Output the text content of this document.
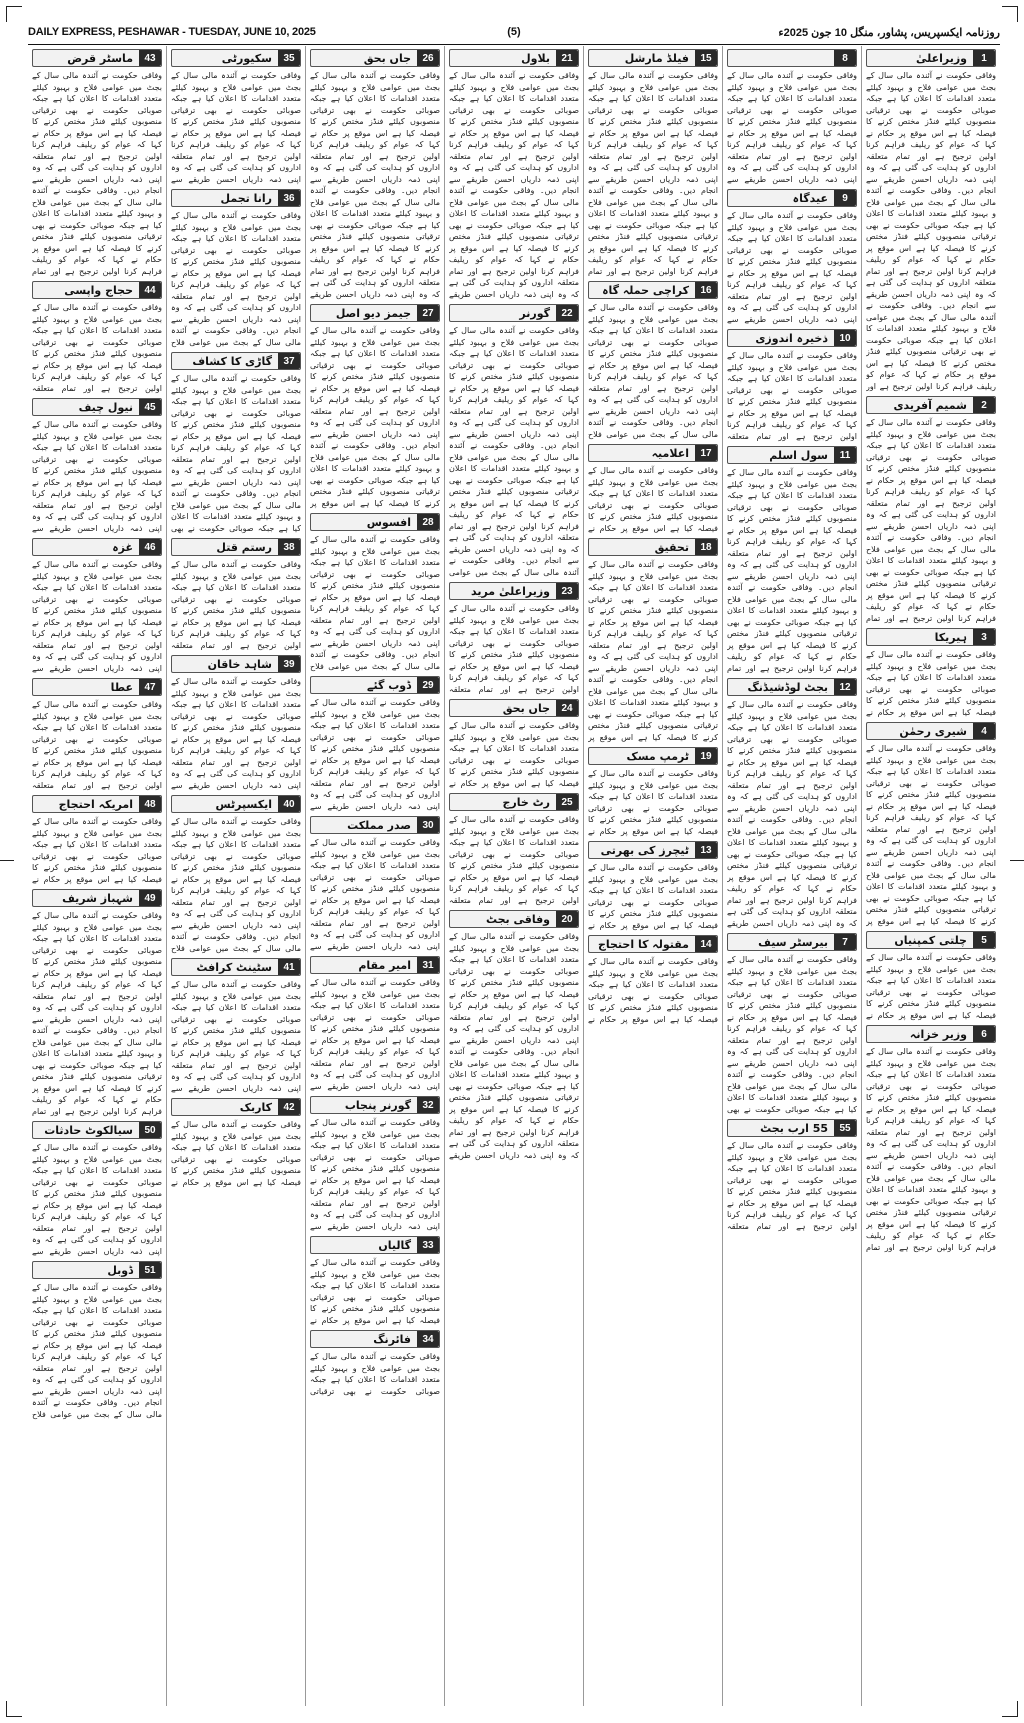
DAILY EXPRESS, PESHAWAR - TUESDAY, JUNE 10, 2025	(5)	روزنامہ ایکسپریس، پشاور، منگل 10 جون 2025ء
1
وزیراعلیٰ
وفاقی حکومت نے آئندہ مالی سال کے بجٹ میں عوامی فلاح و بہبود کیلئے متعدد اقدامات کا اعلان کیا ہے جبکہ صوبائی حکومت نے بھی ترقیاتی منصوبوں کیلئے فنڈز مختص کرنے کا فیصلہ کیا ہے اس موقع پر حکام نے کہا کہ عوام کو ریلیف فراہم کرنا اولین ترجیح ہے اور تمام متعلقہ اداروں کو ہدایت کی گئی ہے کہ وہ اپنی ذمہ داریاں احسن طریقے سے انجام دیں۔ وفاقی حکومت نے آئندہ مالی سال کے بجٹ میں عوامی فلاح و بہبود کیلئے متعدد اقدامات کا اعلان کیا ہے جبکہ صوبائی حکومت نے بھی ترقیاتی منصوبوں کیلئے فنڈز مختص کرنے کا فیصلہ کیا ہے اس موقع پر حکام نے کہا کہ عوام کو ریلیف فراہم کرنا اولین ترجیح ہے اور تمام متعلقہ اداروں کو ہدایت کی گئی ہے کہ وہ اپنی ذمہ داریاں احسن طریقے سے انجام دیں۔ وفاقی حکومت نے آئندہ مالی سال کے بجٹ میں عوامی فلاح و بہبود کیلئے متعدد اقدامات کا اعلان کیا ہے جبکہ صوبائی حکومت نے بھی ترقیاتی منصوبوں کیلئے فنڈز مختص کرنے کا فیصلہ کیا ہے اس موقع پر حکام نے کہا کہ عوام کو ریلیف فراہم کرنا اولین ترجیح ہے اور
2
شمیم آفریدی
وفاقی حکومت نے آئندہ مالی سال کے بجٹ میں عوامی فلاح و بہبود کیلئے متعدد اقدامات کا اعلان کیا ہے جبکہ صوبائی حکومت نے بھی ترقیاتی منصوبوں کیلئے فنڈز مختص کرنے کا فیصلہ کیا ہے اس موقع پر حکام نے کہا کہ عوام کو ریلیف فراہم کرنا اولین ترجیح ہے اور تمام متعلقہ اداروں کو ہدایت کی گئی ہے کہ وہ اپنی ذمہ داریاں احسن طریقے سے انجام دیں۔ وفاقی حکومت نے آئندہ مالی سال کے بجٹ میں عوامی فلاح و بہبود کیلئے متعدد اقدامات کا اعلان کیا ہے جبکہ صوبائی حکومت نے بھی ترقیاتی منصوبوں کیلئے فنڈز مختص کرنے کا فیصلہ کیا ہے اس موقع پر حکام نے کہا کہ عوام کو ریلیف فراہم کرنا اولین ترجیح ہے اور تمام
3
ہیریکا
وفاقی حکومت نے آئندہ مالی سال کے بجٹ میں عوامی فلاح و بہبود کیلئے متعدد اقدامات کا اعلان کیا ہے جبکہ صوبائی حکومت نے بھی ترقیاتی منصوبوں کیلئے فنڈز مختص کرنے کا فیصلہ کیا ہے اس موقع پر حکام نے
4
شیری رحمٰن
وفاقی حکومت نے آئندہ مالی سال کے بجٹ میں عوامی فلاح و بہبود کیلئے متعدد اقدامات کا اعلان کیا ہے جبکہ صوبائی حکومت نے بھی ترقیاتی منصوبوں کیلئے فنڈز مختص کرنے کا فیصلہ کیا ہے اس موقع پر حکام نے کہا کہ عوام کو ریلیف فراہم کرنا اولین ترجیح ہے اور تمام متعلقہ اداروں کو ہدایت کی گئی ہے کہ وہ اپنی ذمہ داریاں احسن طریقے سے انجام دیں۔ وفاقی حکومت نے آئندہ مالی سال کے بجٹ میں عوامی فلاح و بہبود کیلئے متعدد اقدامات کا اعلان کیا ہے جبکہ صوبائی حکومت نے بھی ترقیاتی منصوبوں کیلئے فنڈز مختص کرنے کا فیصلہ کیا ہے اس موقع پر
5
چلتی کمپنیاں
وفاقی حکومت نے آئندہ مالی سال کے بجٹ میں عوامی فلاح و بہبود کیلئے متعدد اقدامات کا اعلان کیا ہے جبکہ صوبائی حکومت نے بھی ترقیاتی منصوبوں کیلئے فنڈز مختص کرنے کا فیصلہ کیا ہے اس موقع پر حکام نے
6
وزیر خزانہ
وفاقی حکومت نے آئندہ مالی سال کے بجٹ میں عوامی فلاح و بہبود کیلئے متعدد اقدامات کا اعلان کیا ہے جبکہ صوبائی حکومت نے بھی ترقیاتی منصوبوں کیلئے فنڈز مختص کرنے کا فیصلہ کیا ہے اس موقع پر حکام نے کہا کہ عوام کو ریلیف فراہم کرنا اولین ترجیح ہے اور تمام متعلقہ اداروں کو ہدایت کی گئی ہے کہ وہ اپنی ذمہ داریاں احسن طریقے سے انجام دیں۔ وفاقی حکومت نے آئندہ مالی سال کے بجٹ میں عوامی فلاح و بہبود کیلئے متعدد اقدامات کا اعلان کیا ہے جبکہ صوبائی حکومت نے بھی ترقیاتی منصوبوں کیلئے فنڈز مختص کرنے کا فیصلہ کیا ہے اس موقع پر حکام نے کہا کہ عوام کو ریلیف فراہم کرنا اولین ترجیح ہے اور تمام
8
وفاقی حکومت نے آئندہ مالی سال کے بجٹ میں عوامی فلاح و بہبود کیلئے متعدد اقدامات کا اعلان کیا ہے جبکہ صوبائی حکومت نے بھی ترقیاتی منصوبوں کیلئے فنڈز مختص کرنے کا فیصلہ کیا ہے اس موقع پر حکام نے کہا کہ عوام کو ریلیف فراہم کرنا اولین ترجیح ہے اور تمام متعلقہ اداروں کو ہدایت کی گئی ہے کہ وہ اپنی ذمہ داریاں احسن طریقے سے
9
عیدگاہ
وفاقی حکومت نے آئندہ مالی سال کے بجٹ میں عوامی فلاح و بہبود کیلئے متعدد اقدامات کا اعلان کیا ہے جبکہ صوبائی حکومت نے بھی ترقیاتی منصوبوں کیلئے فنڈز مختص کرنے کا فیصلہ کیا ہے اس موقع پر حکام نے کہا کہ عوام کو ریلیف فراہم کرنا اولین ترجیح ہے اور تمام متعلقہ اداروں کو ہدایت کی گئی ہے کہ وہ اپنی ذمہ داریاں احسن طریقے سے
10
ذخیرہ اندوزی
وفاقی حکومت نے آئندہ مالی سال کے بجٹ میں عوامی فلاح و بہبود کیلئے متعدد اقدامات کا اعلان کیا ہے جبکہ صوبائی حکومت نے بھی ترقیاتی منصوبوں کیلئے فنڈز مختص کرنے کا فیصلہ کیا ہے اس موقع پر حکام نے کہا کہ عوام کو ریلیف فراہم کرنا اولین ترجیح ہے اور تمام متعلقہ
11
سول اسلم
وفاقی حکومت نے آئندہ مالی سال کے بجٹ میں عوامی فلاح و بہبود کیلئے متعدد اقدامات کا اعلان کیا ہے جبکہ صوبائی حکومت نے بھی ترقیاتی منصوبوں کیلئے فنڈز مختص کرنے کا فیصلہ کیا ہے اس موقع پر حکام نے کہا کہ عوام کو ریلیف فراہم کرنا اولین ترجیح ہے اور تمام متعلقہ اداروں کو ہدایت کی گئی ہے کہ وہ اپنی ذمہ داریاں احسن طریقے سے انجام دیں۔ وفاقی حکومت نے آئندہ مالی سال کے بجٹ میں عوامی فلاح و بہبود کیلئے متعدد اقدامات کا اعلان کیا ہے جبکہ صوبائی حکومت نے بھی ترقیاتی منصوبوں کیلئے فنڈز مختص کرنے کا فیصلہ کیا ہے اس موقع پر حکام نے کہا کہ عوام کو ریلیف فراہم کرنا اولین ترجیح ہے اور تمام
12
بجٹ لوڈشیڈنگ
وفاقی حکومت نے آئندہ مالی سال کے بجٹ میں عوامی فلاح و بہبود کیلئے متعدد اقدامات کا اعلان کیا ہے جبکہ صوبائی حکومت نے بھی ترقیاتی منصوبوں کیلئے فنڈز مختص کرنے کا فیصلہ کیا ہے اس موقع پر حکام نے کہا کہ عوام کو ریلیف فراہم کرنا اولین ترجیح ہے اور تمام متعلقہ اداروں کو ہدایت کی گئی ہے کہ وہ اپنی ذمہ داریاں احسن طریقے سے انجام دیں۔ وفاقی حکومت نے آئندہ مالی سال کے بجٹ میں عوامی فلاح و بہبود کیلئے متعدد اقدامات کا اعلان کیا ہے جبکہ صوبائی حکومت نے بھی ترقیاتی منصوبوں کیلئے فنڈز مختص کرنے کا فیصلہ کیا ہے اس موقع پر حکام نے کہا کہ عوام کو ریلیف فراہم کرنا اولین ترجیح ہے اور تمام متعلقہ اداروں کو ہدایت کی گئی ہے کہ وہ اپنی ذمہ داریاں احسن طریقے
7
بیرسٹر سیف
وفاقی حکومت نے آئندہ مالی سال کے بجٹ میں عوامی فلاح و بہبود کیلئے متعدد اقدامات کا اعلان کیا ہے جبکہ صوبائی حکومت نے بھی ترقیاتی منصوبوں کیلئے فنڈز مختص کرنے کا فیصلہ کیا ہے اس موقع پر حکام نے کہا کہ عوام کو ریلیف فراہم کرنا اولین ترجیح ہے اور تمام متعلقہ اداروں کو ہدایت کی گئی ہے کہ وہ اپنی ذمہ داریاں احسن طریقے سے انجام دیں۔ وفاقی حکومت نے آئندہ مالی سال کے بجٹ میں عوامی فلاح و بہبود کیلئے متعدد اقدامات کا اعلان کیا ہے جبکہ صوبائی حکومت نے بھی
55
55 ارب بجٹ
وفاقی حکومت نے آئندہ مالی سال کے بجٹ میں عوامی فلاح و بہبود کیلئے متعدد اقدامات کا اعلان کیا ہے جبکہ صوبائی حکومت نے بھی ترقیاتی منصوبوں کیلئے فنڈز مختص کرنے کا فیصلہ کیا ہے اس موقع پر حکام نے کہا کہ عوام کو ریلیف فراہم کرنا اولین ترجیح ہے اور تمام متعلقہ
15
فیلڈ مارشل
وفاقی حکومت نے آئندہ مالی سال کے بجٹ میں عوامی فلاح و بہبود کیلئے متعدد اقدامات کا اعلان کیا ہے جبکہ صوبائی حکومت نے بھی ترقیاتی منصوبوں کیلئے فنڈز مختص کرنے کا فیصلہ کیا ہے اس موقع پر حکام نے کہا کہ عوام کو ریلیف فراہم کرنا اولین ترجیح ہے اور تمام متعلقہ اداروں کو ہدایت کی گئی ہے کہ وہ اپنی ذمہ داریاں احسن طریقے سے انجام دیں۔ وفاقی حکومت نے آئندہ مالی سال کے بجٹ میں عوامی فلاح و بہبود کیلئے متعدد اقدامات کا اعلان کیا ہے جبکہ صوبائی حکومت نے بھی ترقیاتی منصوبوں کیلئے فنڈز مختص کرنے کا فیصلہ کیا ہے اس موقع پر حکام نے کہا کہ عوام کو ریلیف فراہم کرنا اولین ترجیح ہے اور تمام
16
کراچی حملہ گاہ
وفاقی حکومت نے آئندہ مالی سال کے بجٹ میں عوامی فلاح و بہبود کیلئے متعدد اقدامات کا اعلان کیا ہے جبکہ صوبائی حکومت نے بھی ترقیاتی منصوبوں کیلئے فنڈز مختص کرنے کا فیصلہ کیا ہے اس موقع پر حکام نے کہا کہ عوام کو ریلیف فراہم کرنا اولین ترجیح ہے اور تمام متعلقہ اداروں کو ہدایت کی گئی ہے کہ وہ اپنی ذمہ داریاں احسن طریقے سے انجام دیں۔ وفاقی حکومت نے آئندہ مالی سال کے بجٹ میں عوامی فلاح
17
اعلامیہ
وفاقی حکومت نے آئندہ مالی سال کے بجٹ میں عوامی فلاح و بہبود کیلئے متعدد اقدامات کا اعلان کیا ہے جبکہ صوبائی حکومت نے بھی ترقیاتی منصوبوں کیلئے فنڈز مختص کرنے کا فیصلہ کیا ہے اس موقع پر حکام نے
18
تحقیق
وفاقی حکومت نے آئندہ مالی سال کے بجٹ میں عوامی فلاح و بہبود کیلئے متعدد اقدامات کا اعلان کیا ہے جبکہ صوبائی حکومت نے بھی ترقیاتی منصوبوں کیلئے فنڈز مختص کرنے کا فیصلہ کیا ہے اس موقع پر حکام نے کہا کہ عوام کو ریلیف فراہم کرنا اولین ترجیح ہے اور تمام متعلقہ اداروں کو ہدایت کی گئی ہے کہ وہ اپنی ذمہ داریاں احسن طریقے سے انجام دیں۔ وفاقی حکومت نے آئندہ مالی سال کے بجٹ میں عوامی فلاح و بہبود کیلئے متعدد اقدامات کا اعلان کیا ہے جبکہ صوبائی حکومت نے بھی ترقیاتی منصوبوں کیلئے فنڈز مختص کرنے کا فیصلہ کیا ہے اس موقع پر
19
ٹرمپ مسک
وفاقی حکومت نے آئندہ مالی سال کے بجٹ میں عوامی فلاح و بہبود کیلئے متعدد اقدامات کا اعلان کیا ہے جبکہ صوبائی حکومت نے بھی ترقیاتی منصوبوں کیلئے فنڈز مختص کرنے کا فیصلہ کیا ہے اس موقع پر حکام نے
13
ٹیچرز کی بھرتی
وفاقی حکومت نے آئندہ مالی سال کے بجٹ میں عوامی فلاح و بہبود کیلئے متعدد اقدامات کا اعلان کیا ہے جبکہ صوبائی حکومت نے بھی ترقیاتی منصوبوں کیلئے فنڈز مختص کرنے کا فیصلہ کیا ہے اس موقع پر حکام نے
14
مقتولہ کا احتجاج
وفاقی حکومت نے آئندہ مالی سال کے بجٹ میں عوامی فلاح و بہبود کیلئے متعدد اقدامات کا اعلان کیا ہے جبکہ صوبائی حکومت نے بھی ترقیاتی منصوبوں کیلئے فنڈز مختص کرنے کا فیصلہ کیا ہے اس موقع پر حکام نے
21
بلاول
وفاقی حکومت نے آئندہ مالی سال کے بجٹ میں عوامی فلاح و بہبود کیلئے متعدد اقدامات کا اعلان کیا ہے جبکہ صوبائی حکومت نے بھی ترقیاتی منصوبوں کیلئے فنڈز مختص کرنے کا فیصلہ کیا ہے اس موقع پر حکام نے کہا کہ عوام کو ریلیف فراہم کرنا اولین ترجیح ہے اور تمام متعلقہ اداروں کو ہدایت کی گئی ہے کہ وہ اپنی ذمہ داریاں احسن طریقے سے انجام دیں۔ وفاقی حکومت نے آئندہ مالی سال کے بجٹ میں عوامی فلاح و بہبود کیلئے متعدد اقدامات کا اعلان کیا ہے جبکہ صوبائی حکومت نے بھی ترقیاتی منصوبوں کیلئے فنڈز مختص کرنے کا فیصلہ کیا ہے اس موقع پر حکام نے کہا کہ عوام کو ریلیف فراہم کرنا اولین ترجیح ہے اور تمام متعلقہ اداروں کو ہدایت کی گئی ہے کہ وہ اپنی ذمہ داریاں احسن طریقے
22
گورنر
وفاقی حکومت نے آئندہ مالی سال کے بجٹ میں عوامی فلاح و بہبود کیلئے متعدد اقدامات کا اعلان کیا ہے جبکہ صوبائی حکومت نے بھی ترقیاتی منصوبوں کیلئے فنڈز مختص کرنے کا فیصلہ کیا ہے اس موقع پر حکام نے کہا کہ عوام کو ریلیف فراہم کرنا اولین ترجیح ہے اور تمام متعلقہ اداروں کو ہدایت کی گئی ہے کہ وہ اپنی ذمہ داریاں احسن طریقے سے انجام دیں۔ وفاقی حکومت نے آئندہ مالی سال کے بجٹ میں عوامی فلاح و بہبود کیلئے متعدد اقدامات کا اعلان کیا ہے جبکہ صوبائی حکومت نے بھی ترقیاتی منصوبوں کیلئے فنڈز مختص کرنے کا فیصلہ کیا ہے اس موقع پر حکام نے کہا کہ عوام کو ریلیف فراہم کرنا اولین ترجیح ہے اور تمام متعلقہ اداروں کو ہدایت کی گئی ہے کہ وہ اپنی ذمہ داریاں احسن طریقے سے انجام دیں۔ وفاقی حکومت نے آئندہ مالی سال کے بجٹ میں عوامی
23
وزیراعلیٰ مرید
وفاقی حکومت نے آئندہ مالی سال کے بجٹ میں عوامی فلاح و بہبود کیلئے متعدد اقدامات کا اعلان کیا ہے جبکہ صوبائی حکومت نے بھی ترقیاتی منصوبوں کیلئے فنڈز مختص کرنے کا فیصلہ کیا ہے اس موقع پر حکام نے کہا کہ عوام کو ریلیف فراہم کرنا اولین ترجیح ہے اور تمام متعلقہ
24
جاں بحق
وفاقی حکومت نے آئندہ مالی سال کے بجٹ میں عوامی فلاح و بہبود کیلئے متعدد اقدامات کا اعلان کیا ہے جبکہ صوبائی حکومت نے بھی ترقیاتی منصوبوں کیلئے فنڈز مختص کرنے کا فیصلہ کیا ہے اس موقع پر حکام نے
25
رٹ خارج
وفاقی حکومت نے آئندہ مالی سال کے بجٹ میں عوامی فلاح و بہبود کیلئے متعدد اقدامات کا اعلان کیا ہے جبکہ صوبائی حکومت نے بھی ترقیاتی منصوبوں کیلئے فنڈز مختص کرنے کا فیصلہ کیا ہے اس موقع پر حکام نے کہا کہ عوام کو ریلیف فراہم کرنا اولین ترجیح ہے اور تمام متعلقہ
20
وفاقی بجٹ
وفاقی حکومت نے آئندہ مالی سال کے بجٹ میں عوامی فلاح و بہبود کیلئے متعدد اقدامات کا اعلان کیا ہے جبکہ صوبائی حکومت نے بھی ترقیاتی منصوبوں کیلئے فنڈز مختص کرنے کا فیصلہ کیا ہے اس موقع پر حکام نے کہا کہ عوام کو ریلیف فراہم کرنا اولین ترجیح ہے اور تمام متعلقہ اداروں کو ہدایت کی گئی ہے کہ وہ اپنی ذمہ داریاں احسن طریقے سے انجام دیں۔ وفاقی حکومت نے آئندہ مالی سال کے بجٹ میں عوامی فلاح و بہبود کیلئے متعدد اقدامات کا اعلان کیا ہے جبکہ صوبائی حکومت نے بھی ترقیاتی منصوبوں کیلئے فنڈز مختص کرنے کا فیصلہ کیا ہے اس موقع پر حکام نے کہا کہ عوام کو ریلیف فراہم کرنا اولین ترجیح ہے اور تمام متعلقہ اداروں کو ہدایت کی گئی ہے کہ وہ اپنی ذمہ داریاں احسن طریقے
26
جاں بحق
وفاقی حکومت نے آئندہ مالی سال کے بجٹ میں عوامی فلاح و بہبود کیلئے متعدد اقدامات کا اعلان کیا ہے جبکہ صوبائی حکومت نے بھی ترقیاتی منصوبوں کیلئے فنڈز مختص کرنے کا فیصلہ کیا ہے اس موقع پر حکام نے کہا کہ عوام کو ریلیف فراہم کرنا اولین ترجیح ہے اور تمام متعلقہ اداروں کو ہدایت کی گئی ہے کہ وہ اپنی ذمہ داریاں احسن طریقے سے انجام دیں۔ وفاقی حکومت نے آئندہ مالی سال کے بجٹ میں عوامی فلاح و بہبود کیلئے متعدد اقدامات کا اعلان کیا ہے جبکہ صوبائی حکومت نے بھی ترقیاتی منصوبوں کیلئے فنڈز مختص کرنے کا فیصلہ کیا ہے اس موقع پر حکام نے کہا کہ عوام کو ریلیف فراہم کرنا اولین ترجیح ہے اور تمام متعلقہ اداروں کو ہدایت کی گئی ہے کہ وہ اپنی ذمہ داریاں احسن طریقے
27
جیمز دیو اصل
وفاقی حکومت نے آئندہ مالی سال کے بجٹ میں عوامی فلاح و بہبود کیلئے متعدد اقدامات کا اعلان کیا ہے جبکہ صوبائی حکومت نے بھی ترقیاتی منصوبوں کیلئے فنڈز مختص کرنے کا فیصلہ کیا ہے اس موقع پر حکام نے کہا کہ عوام کو ریلیف فراہم کرنا اولین ترجیح ہے اور تمام متعلقہ اداروں کو ہدایت کی گئی ہے کہ وہ اپنی ذمہ داریاں احسن طریقے سے انجام دیں۔ وفاقی حکومت نے آئندہ مالی سال کے بجٹ میں عوامی فلاح و بہبود کیلئے متعدد اقدامات کا اعلان کیا ہے جبکہ صوبائی حکومت نے بھی ترقیاتی منصوبوں کیلئے فنڈز مختص کرنے کا فیصلہ کیا ہے اس موقع پر
28
افسوس
وفاقی حکومت نے آئندہ مالی سال کے بجٹ میں عوامی فلاح و بہبود کیلئے متعدد اقدامات کا اعلان کیا ہے جبکہ صوبائی حکومت نے بھی ترقیاتی منصوبوں کیلئے فنڈز مختص کرنے کا فیصلہ کیا ہے اس موقع پر حکام نے کہا کہ عوام کو ریلیف فراہم کرنا اولین ترجیح ہے اور تمام متعلقہ اداروں کو ہدایت کی گئی ہے کہ وہ اپنی ذمہ داریاں احسن طریقے سے انجام دیں۔ وفاقی حکومت نے آئندہ مالی سال کے بجٹ میں عوامی فلاح
29
ڈوب گئے
وفاقی حکومت نے آئندہ مالی سال کے بجٹ میں عوامی فلاح و بہبود کیلئے متعدد اقدامات کا اعلان کیا ہے جبکہ صوبائی حکومت نے بھی ترقیاتی منصوبوں کیلئے فنڈز مختص کرنے کا فیصلہ کیا ہے اس موقع پر حکام نے کہا کہ عوام کو ریلیف فراہم کرنا اولین ترجیح ہے اور تمام متعلقہ اداروں کو ہدایت کی گئی ہے کہ وہ اپنی ذمہ داریاں احسن طریقے سے
30
صدر مملکت
وفاقی حکومت نے آئندہ مالی سال کے بجٹ میں عوامی فلاح و بہبود کیلئے متعدد اقدامات کا اعلان کیا ہے جبکہ صوبائی حکومت نے بھی ترقیاتی منصوبوں کیلئے فنڈز مختص کرنے کا فیصلہ کیا ہے اس موقع پر حکام نے کہا کہ عوام کو ریلیف فراہم کرنا اولین ترجیح ہے اور تمام متعلقہ اداروں کو ہدایت کی گئی ہے کہ وہ اپنی ذمہ داریاں احسن طریقے سے
31
امیر مقام
وفاقی حکومت نے آئندہ مالی سال کے بجٹ میں عوامی فلاح و بہبود کیلئے متعدد اقدامات کا اعلان کیا ہے جبکہ صوبائی حکومت نے بھی ترقیاتی منصوبوں کیلئے فنڈز مختص کرنے کا فیصلہ کیا ہے اس موقع پر حکام نے کہا کہ عوام کو ریلیف فراہم کرنا اولین ترجیح ہے اور تمام متعلقہ اداروں کو ہدایت کی گئی ہے کہ وہ اپنی ذمہ داریاں احسن طریقے سے
32
گورنر پنجاب
وفاقی حکومت نے آئندہ مالی سال کے بجٹ میں عوامی فلاح و بہبود کیلئے متعدد اقدامات کا اعلان کیا ہے جبکہ صوبائی حکومت نے بھی ترقیاتی منصوبوں کیلئے فنڈز مختص کرنے کا فیصلہ کیا ہے اس موقع پر حکام نے کہا کہ عوام کو ریلیف فراہم کرنا اولین ترجیح ہے اور تمام متعلقہ اداروں کو ہدایت کی گئی ہے کہ وہ اپنی ذمہ داریاں احسن طریقے سے
33
گالیاں
وفاقی حکومت نے آئندہ مالی سال کے بجٹ میں عوامی فلاح و بہبود کیلئے متعدد اقدامات کا اعلان کیا ہے جبکہ صوبائی حکومت نے بھی ترقیاتی منصوبوں کیلئے فنڈز مختص کرنے کا فیصلہ کیا ہے اس موقع پر حکام نے
34
فائرنگ
وفاقی حکومت نے آئندہ مالی سال کے بجٹ میں عوامی فلاح و بہبود کیلئے متعدد اقدامات کا اعلان کیا ہے جبکہ صوبائی حکومت نے بھی ترقیاتی
35
سکیورٹی
وفاقی حکومت نے آئندہ مالی سال کے بجٹ میں عوامی فلاح و بہبود کیلئے متعدد اقدامات کا اعلان کیا ہے جبکہ صوبائی حکومت نے بھی ترقیاتی منصوبوں کیلئے فنڈز مختص کرنے کا فیصلہ کیا ہے اس موقع پر حکام نے کہا کہ عوام کو ریلیف فراہم کرنا اولین ترجیح ہے اور تمام متعلقہ اداروں کو ہدایت کی گئی ہے کہ وہ اپنی ذمہ داریاں احسن طریقے سے
36
رانا تجمل
وفاقی حکومت نے آئندہ مالی سال کے بجٹ میں عوامی فلاح و بہبود کیلئے متعدد اقدامات کا اعلان کیا ہے جبکہ صوبائی حکومت نے بھی ترقیاتی منصوبوں کیلئے فنڈز مختص کرنے کا فیصلہ کیا ہے اس موقع پر حکام نے کہا کہ عوام کو ریلیف فراہم کرنا اولین ترجیح ہے اور تمام متعلقہ اداروں کو ہدایت کی گئی ہے کہ وہ اپنی ذمہ داریاں احسن طریقے سے انجام دیں۔ وفاقی حکومت نے آئندہ مالی سال کے بجٹ میں عوامی فلاح
37
گاڑی کا کشاف
وفاقی حکومت نے آئندہ مالی سال کے بجٹ میں عوامی فلاح و بہبود کیلئے متعدد اقدامات کا اعلان کیا ہے جبکہ صوبائی حکومت نے بھی ترقیاتی منصوبوں کیلئے فنڈز مختص کرنے کا فیصلہ کیا ہے اس موقع پر حکام نے کہا کہ عوام کو ریلیف فراہم کرنا اولین ترجیح ہے اور تمام متعلقہ اداروں کو ہدایت کی گئی ہے کہ وہ اپنی ذمہ داریاں احسن طریقے سے انجام دیں۔ وفاقی حکومت نے آئندہ مالی سال کے بجٹ میں عوامی فلاح و بہبود کیلئے متعدد اقدامات کا اعلان کیا ہے جبکہ صوبائی حکومت نے بھی
38
رستم قتل
وفاقی حکومت نے آئندہ مالی سال کے بجٹ میں عوامی فلاح و بہبود کیلئے متعدد اقدامات کا اعلان کیا ہے جبکہ صوبائی حکومت نے بھی ترقیاتی منصوبوں کیلئے فنڈز مختص کرنے کا فیصلہ کیا ہے اس موقع پر حکام نے کہا کہ عوام کو ریلیف فراہم کرنا اولین ترجیح ہے اور تمام متعلقہ
39
شاہد خاقان
وفاقی حکومت نے آئندہ مالی سال کے بجٹ میں عوامی فلاح و بہبود کیلئے متعدد اقدامات کا اعلان کیا ہے جبکہ صوبائی حکومت نے بھی ترقیاتی منصوبوں کیلئے فنڈز مختص کرنے کا فیصلہ کیا ہے اس موقع پر حکام نے کہا کہ عوام کو ریلیف فراہم کرنا اولین ترجیح ہے اور تمام متعلقہ اداروں کو ہدایت کی گئی ہے کہ وہ اپنی ذمہ داریاں احسن طریقے سے
40
ایکسپرٹس
وفاقی حکومت نے آئندہ مالی سال کے بجٹ میں عوامی فلاح و بہبود کیلئے متعدد اقدامات کا اعلان کیا ہے جبکہ صوبائی حکومت نے بھی ترقیاتی منصوبوں کیلئے فنڈز مختص کرنے کا فیصلہ کیا ہے اس موقع پر حکام نے کہا کہ عوام کو ریلیف فراہم کرنا اولین ترجیح ہے اور تمام متعلقہ اداروں کو ہدایت کی گئی ہے کہ وہ اپنی ذمہ داریاں احسن طریقے سے انجام دیں۔ وفاقی حکومت نے آئندہ مالی سال کے بجٹ میں عوامی فلاح
41
سٹینٹ کرافٹ
وفاقی حکومت نے آئندہ مالی سال کے بجٹ میں عوامی فلاح و بہبود کیلئے متعدد اقدامات کا اعلان کیا ہے جبکہ صوبائی حکومت نے بھی ترقیاتی منصوبوں کیلئے فنڈز مختص کرنے کا فیصلہ کیا ہے اس موقع پر حکام نے کہا کہ عوام کو ریلیف فراہم کرنا اولین ترجیح ہے اور تمام متعلقہ اداروں کو ہدایت کی گئی ہے کہ وہ اپنی ذمہ داریاں احسن طریقے سے
42
کاربک
وفاقی حکومت نے آئندہ مالی سال کے بجٹ میں عوامی فلاح و بہبود کیلئے متعدد اقدامات کا اعلان کیا ہے جبکہ صوبائی حکومت نے بھی ترقیاتی منصوبوں کیلئے فنڈز مختص کرنے کا فیصلہ کیا ہے اس موقع پر حکام نے
43
ماسٹر قرض
وفاقی حکومت نے آئندہ مالی سال کے بجٹ میں عوامی فلاح و بہبود کیلئے متعدد اقدامات کا اعلان کیا ہے جبکہ صوبائی حکومت نے بھی ترقیاتی منصوبوں کیلئے فنڈز مختص کرنے کا فیصلہ کیا ہے اس موقع پر حکام نے کہا کہ عوام کو ریلیف فراہم کرنا اولین ترجیح ہے اور تمام متعلقہ اداروں کو ہدایت کی گئی ہے کہ وہ اپنی ذمہ داریاں احسن طریقے سے انجام دیں۔ وفاقی حکومت نے آئندہ مالی سال کے بجٹ میں عوامی فلاح و بہبود کیلئے متعدد اقدامات کا اعلان کیا ہے جبکہ صوبائی حکومت نے بھی ترقیاتی منصوبوں کیلئے فنڈز مختص کرنے کا فیصلہ کیا ہے اس موقع پر حکام نے کہا کہ عوام کو ریلیف فراہم کرنا اولین ترجیح ہے اور تمام
44
حجاج واپسی
وفاقی حکومت نے آئندہ مالی سال کے بجٹ میں عوامی فلاح و بہبود کیلئے متعدد اقدامات کا اعلان کیا ہے جبکہ صوبائی حکومت نے بھی ترقیاتی منصوبوں کیلئے فنڈز مختص کرنے کا فیصلہ کیا ہے اس موقع پر حکام نے کہا کہ عوام کو ریلیف فراہم کرنا اولین ترجیح ہے اور تمام متعلقہ
45
نیول چیف
وفاقی حکومت نے آئندہ مالی سال کے بجٹ میں عوامی فلاح و بہبود کیلئے متعدد اقدامات کا اعلان کیا ہے جبکہ صوبائی حکومت نے بھی ترقیاتی منصوبوں کیلئے فنڈز مختص کرنے کا فیصلہ کیا ہے اس موقع پر حکام نے کہا کہ عوام کو ریلیف فراہم کرنا اولین ترجیح ہے اور تمام متعلقہ اداروں کو ہدایت کی گئی ہے کہ وہ اپنی ذمہ داریاں احسن طریقے سے
46
غزہ
وفاقی حکومت نے آئندہ مالی سال کے بجٹ میں عوامی فلاح و بہبود کیلئے متعدد اقدامات کا اعلان کیا ہے جبکہ صوبائی حکومت نے بھی ترقیاتی منصوبوں کیلئے فنڈز مختص کرنے کا فیصلہ کیا ہے اس موقع پر حکام نے کہا کہ عوام کو ریلیف فراہم کرنا اولین ترجیح ہے اور تمام متعلقہ اداروں کو ہدایت کی گئی ہے کہ وہ اپنی ذمہ داریاں احسن طریقے سے
47
عطا
وفاقی حکومت نے آئندہ مالی سال کے بجٹ میں عوامی فلاح و بہبود کیلئے متعدد اقدامات کا اعلان کیا ہے جبکہ صوبائی حکومت نے بھی ترقیاتی منصوبوں کیلئے فنڈز مختص کرنے کا فیصلہ کیا ہے اس موقع پر حکام نے کہا کہ عوام کو ریلیف فراہم کرنا اولین ترجیح ہے اور تمام متعلقہ
48
امریکہ احتجاج
وفاقی حکومت نے آئندہ مالی سال کے بجٹ میں عوامی فلاح و بہبود کیلئے متعدد اقدامات کا اعلان کیا ہے جبکہ صوبائی حکومت نے بھی ترقیاتی منصوبوں کیلئے فنڈز مختص کرنے کا فیصلہ کیا ہے اس موقع پر حکام نے
49
شہباز شریف
وفاقی حکومت نے آئندہ مالی سال کے بجٹ میں عوامی فلاح و بہبود کیلئے متعدد اقدامات کا اعلان کیا ہے جبکہ صوبائی حکومت نے بھی ترقیاتی منصوبوں کیلئے فنڈز مختص کرنے کا فیصلہ کیا ہے اس موقع پر حکام نے کہا کہ عوام کو ریلیف فراہم کرنا اولین ترجیح ہے اور تمام متعلقہ اداروں کو ہدایت کی گئی ہے کہ وہ اپنی ذمہ داریاں احسن طریقے سے انجام دیں۔ وفاقی حکومت نے آئندہ مالی سال کے بجٹ میں عوامی فلاح و بہبود کیلئے متعدد اقدامات کا اعلان کیا ہے جبکہ صوبائی حکومت نے بھی ترقیاتی منصوبوں کیلئے فنڈز مختص کرنے کا فیصلہ کیا ہے اس موقع پر حکام نے کہا کہ عوام کو ریلیف فراہم کرنا اولین ترجیح ہے اور تمام
50
سیالکوٹ حادثات
وفاقی حکومت نے آئندہ مالی سال کے بجٹ میں عوامی فلاح و بہبود کیلئے متعدد اقدامات کا اعلان کیا ہے جبکہ صوبائی حکومت نے بھی ترقیاتی منصوبوں کیلئے فنڈز مختص کرنے کا فیصلہ کیا ہے اس موقع پر حکام نے کہا کہ عوام کو ریلیف فراہم کرنا اولین ترجیح ہے اور تمام متعلقہ اداروں کو ہدایت کی گئی ہے کہ وہ اپنی ذمہ داریاں احسن طریقے سے
51
ڈوبل
وفاقی حکومت نے آئندہ مالی سال کے بجٹ میں عوامی فلاح و بہبود کیلئے متعدد اقدامات کا اعلان کیا ہے جبکہ صوبائی حکومت نے بھی ترقیاتی منصوبوں کیلئے فنڈز مختص کرنے کا فیصلہ کیا ہے اس موقع پر حکام نے کہا کہ عوام کو ریلیف فراہم کرنا اولین ترجیح ہے اور تمام متعلقہ اداروں کو ہدایت کی گئی ہے کہ وہ اپنی ذمہ داریاں احسن طریقے سے انجام دیں۔ وفاقی حکومت نے آئندہ مالی سال کے بجٹ میں عوامی فلاح
